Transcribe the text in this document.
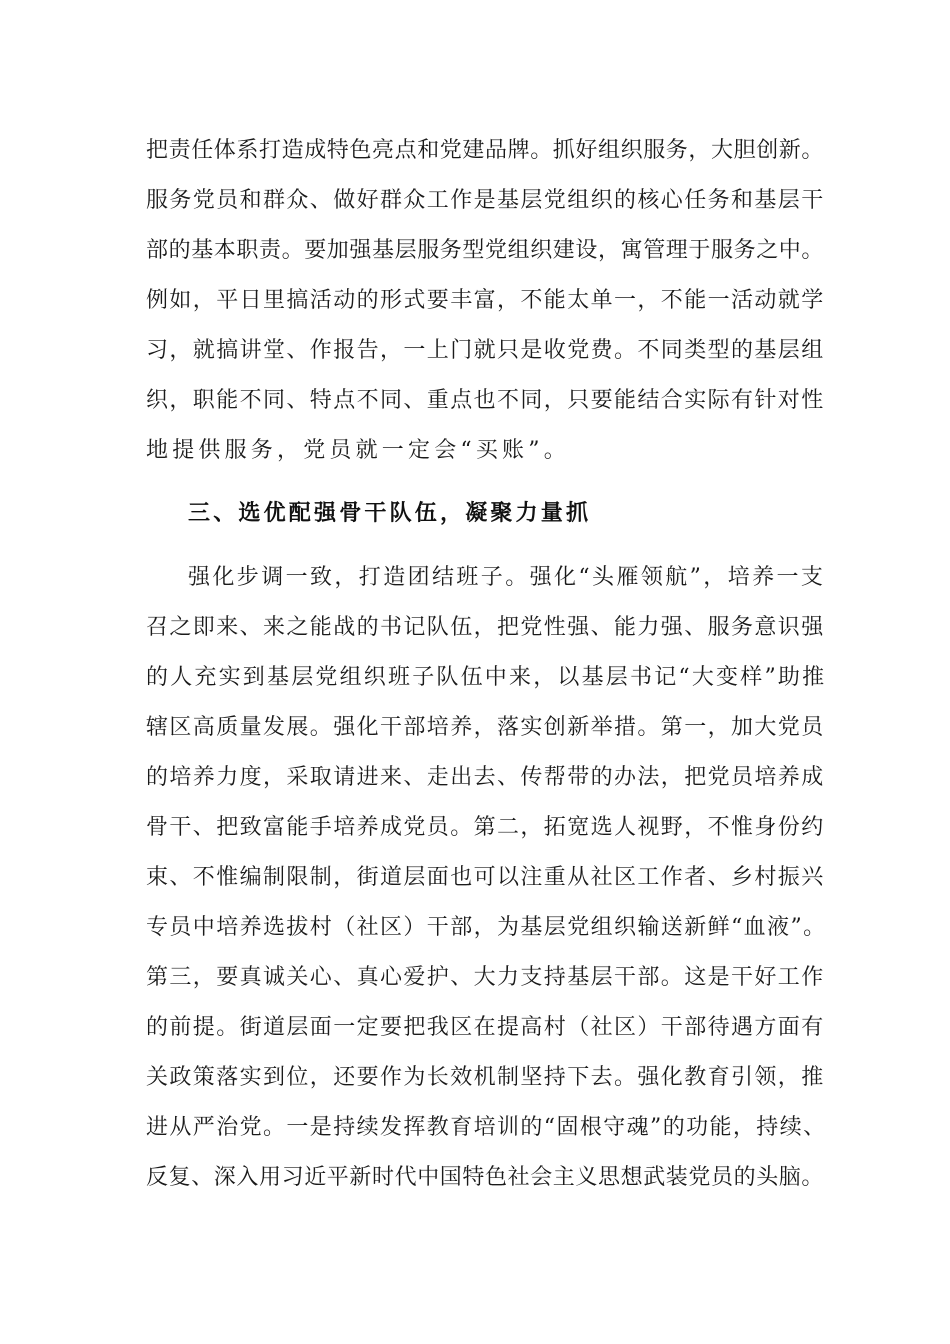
把责任体系打造成特色亮点和党建品牌。抓好组织服务，大胆创新。
服务党员和群众、做好群众工作是基层党组织的核心任务和基层干
部的基本职责。要加强基层服务型党组织建设，寓管理于服务之中。
例如，平日里搞活动的形式要丰富，不能太单一，不能一活动就学
习，就搞讲堂、作报告，一上门就只是收党费。不同类型的基层组
织，职能不同、特点不同、重点也不同，只要能结合实际有针对性
地提供服务，党员就一定会“买账”。
三、选优配强骨干队伍，凝聚力量抓
强化步调一致，打造团结班子。强化“头雁领航”，培养一支
召之即来、来之能战的书记队伍，把党性强、能力强、服务意识强
的人充实到基层党组织班子队伍中来，以基层书记“大变样”助推
辖区高质量发展。强化干部培养，落实创新举措。第一，加大党员
的培养力度，采取请进来、走出去、传帮带的办法，把党员培养成
骨干、把致富能手培养成党员。第二，拓宽选人视野，不惟身份约
束、不惟编制限制，街道层面也可以注重从社区工作者、乡村振兴
专员中培养选拔村（社区）干部，为基层党组织输送新鲜“血液”。
第三，要真诚关心、真心爱护、大力支持基层干部。这是干好工作
的前提。街道层面一定要把我区在提高村（社区）干部待遇方面有
关政策落实到位，还要作为长效机制坚持下去。强化教育引领，推
进从严治党。一是持续发挥教育培训的“固根守魂”的功能，持续、
反复、深入用习近平新时代中国特色社会主义思想武装党员的头脑。
